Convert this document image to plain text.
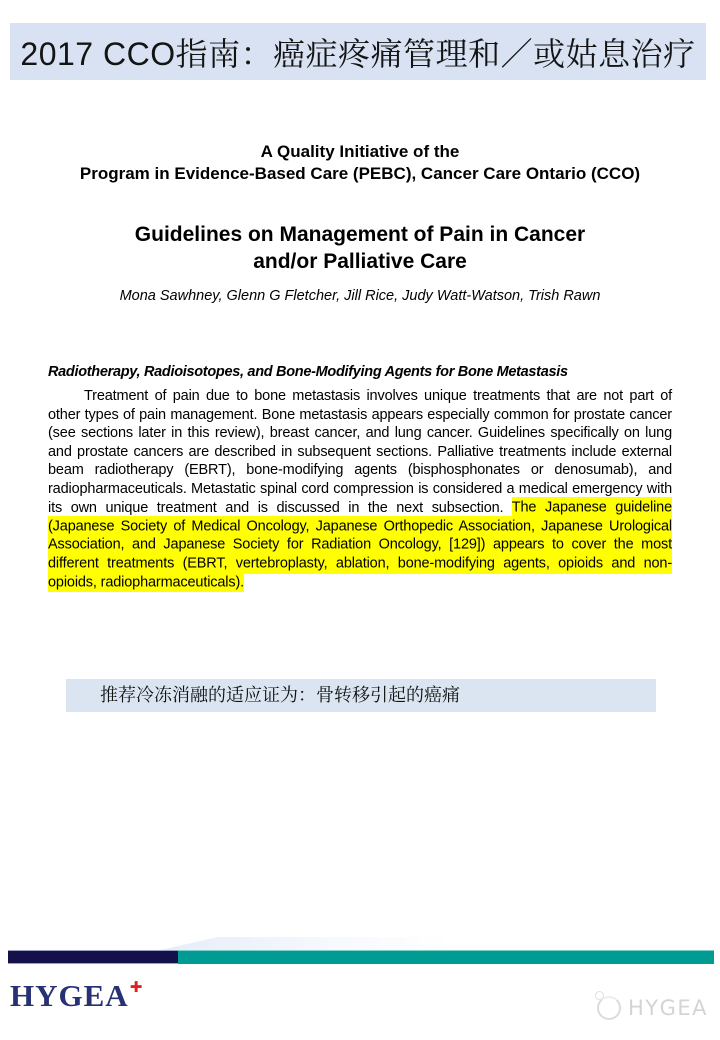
2017 CCO指南：癌症疼痛管理和／或姑息治疗
A Quality Initiative of the
Program in Evidence-Based Care (PEBC), Cancer Care Ontario (CCO)
Guidelines on Management of Pain in Cancer
and/or Palliative Care
Mona Sawhney, Glenn G Fletcher, Jill Rice, Judy Watt-Watson, Trish Rawn
Radiotherapy, Radioisotopes, and Bone-Modifying Agents for Bone Metastasis

Treatment of pain due to bone metastasis involves unique treatments that are not part of other types of pain management. Bone metastasis appears especially common for prostate cancer (see sections later in this review), breast cancer, and lung cancer. Guidelines specifically on lung and prostate cancers are described in subsequent sections. Palliative treatments include external beam radiotherapy (EBRT), bone-modifying agents (bisphosphonates or denosumab), and radiopharmaceuticals. Metastatic spinal cord compression is considered a medical emergency with its own unique treatment and is discussed in the next subsection. The Japanese guideline (Japanese Society of Medical Oncology, Japanese Orthopedic Association, Japanese Urological Association, and Japanese Society for Radiation Oncology, [129]) appears to cover the most different treatments (EBRT, vertebroplasty, ablation, bone-modifying agents, opioids and non-opioids, radiopharmaceuticals).

推荐冷冻消融的适应证为：骨转移引起的癌痛
HYGEA✚
HYGEA
